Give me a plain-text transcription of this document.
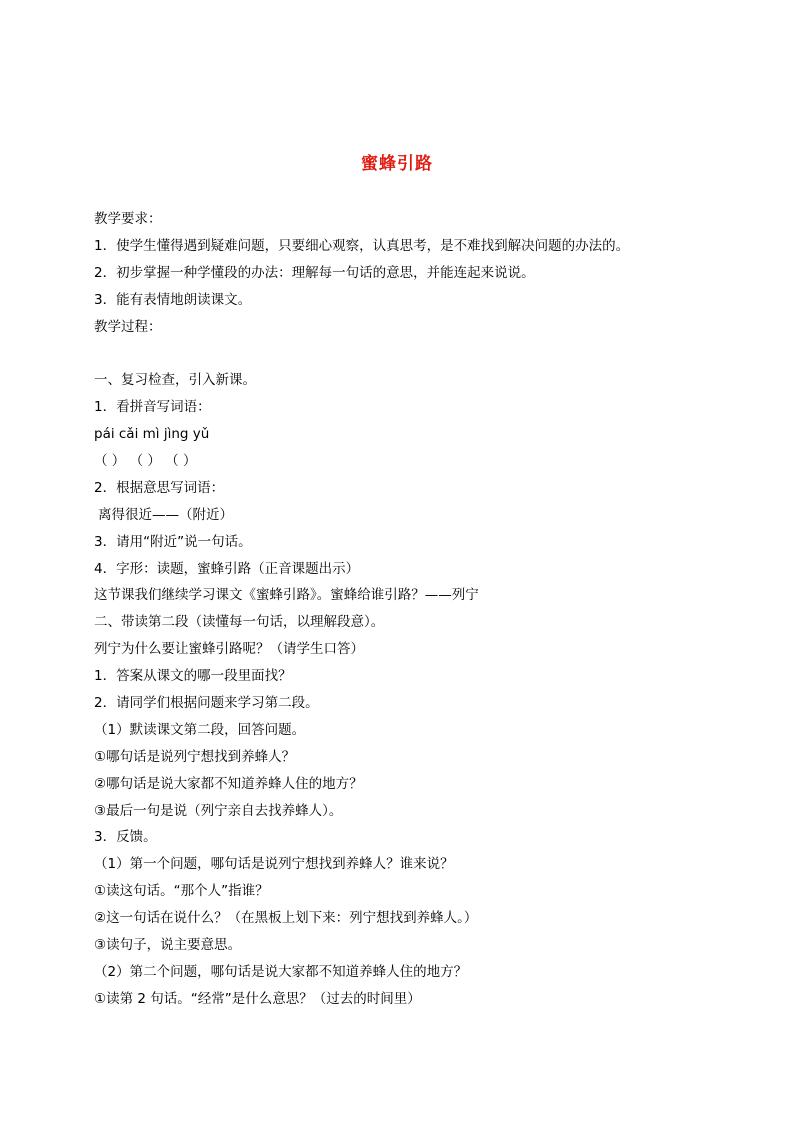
蜜蜂引路
教学要求：
1．使学生懂得遇到疑难问题，只要细心观察，认真思考，是不难找到解决问题的办法的。
2．初步掌握一种学懂段的办法：理解每一句话的意思，并能连起来说说。
3．能有表情地朗读课文。
教学过程：
一、复习检查，引入新课。
1．看拼音写词语：
pái cǎi mì jìng yǔ
（ ） （ ） （ ）
2．根据意思写词语：
离得很近——（附近）
3．请用“附近”说一句话。
4．字形：读题，蜜蜂引路（正音课题出示）
这节课我们继续学习课文《蜜蜂引路》。蜜蜂给谁引路？——列宁
二、带读第二段（读懂每一句话，以理解段意）。
列宁为什么要让蜜蜂引路呢？（请学生口答）
1．答案从课文的哪一段里面找？
2．请同学们根据问题来学习第二段。
（1）默读课文第二段，回答问题。
①哪句话是说列宁想找到养蜂人？
②哪句话是说大家都不知道养蜂人住的地方？
③最后一句是说（列宁亲自去找养蜂人）。
3．反馈。
（1）第一个问题，哪句话是说列宁想找到养蜂人？谁来说？
①读这句话。“那个人”指谁？
②这一句话在说什么？（在黑板上划下来：列宁想找到养蜂人。）
③读句子，说主要意思。
（2）第二个问题，哪句话是说大家都不知道养蜂人住的地方？
①读第 2 句话。“经常”是什么意思？（过去的时间里）
